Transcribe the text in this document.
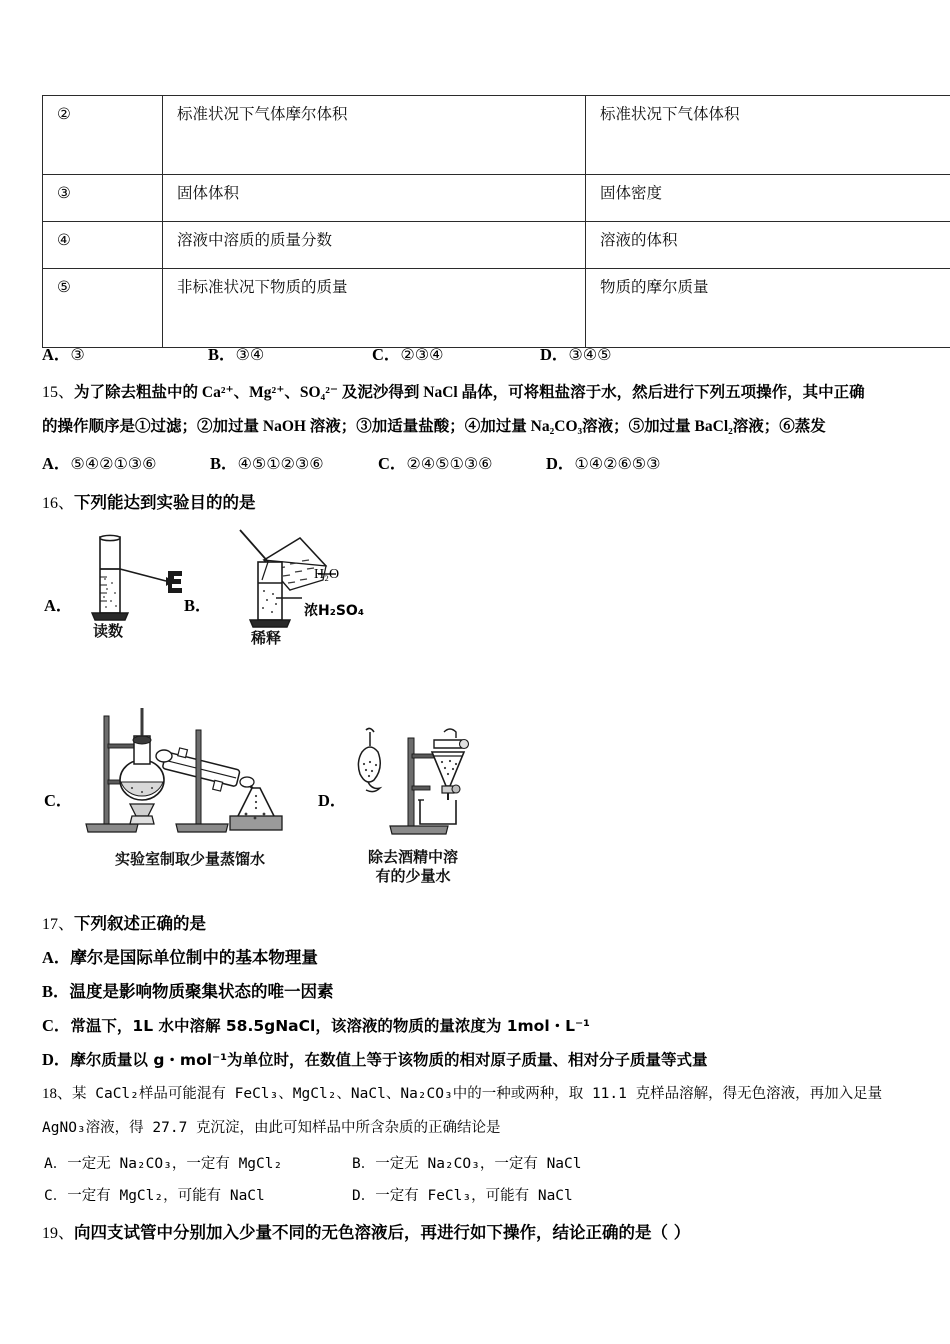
②	标准状况下气体摩尔体积	标准状况下气体体积
③	固体体积	固体密度
④	溶液中溶质的质量分数	溶液的体积
⑤	非标准状况下物质的质量	物质的摩尔质量
A．③	B．③④	C．②③④	D．③④⑤
15、为了除去粗盐中的 Ca²⁺、Mg²⁺、SO₄²⁻ 及泥沙得到 NaCl 晶体，可将粗盐溶于水，然后进行下列五项操作，其中正确
的操作顺序是①过滤；②加过量 NaOH 溶液；③加适量盐酸；④加过量 Na₂CO₃溶液；⑤加过量 BaCl₂溶液；⑥蒸发
A．⑤④②①③⑥	B．④⑤①②③⑥	C．②④⑤①③⑥	D．①④②⑥⑤③
16、下列能达到实验目的的是
A．
读数
B．
H₂O
浓H₂SO₄
稀释
C．
实验室制取少量蒸馏水
D．
除去酒精中溶
有的少量水
17、下列叙述正确的是
A．摩尔是国际单位制中的基本物理量
B．温度是影响物质聚集状态的唯一因素
C．常温下，1L 水中溶解 58.5gNaCl，该溶液的物质的量浓度为 1mol・L⁻¹
D．摩尔质量以 g・mol⁻¹为单位时，在数值上等于该物质的相对原子质量、相对分子质量等式量
18、某 CaCl₂样品可能混有 FeCl₃、MgCl₂、NaCl、Na₂CO₃中的一种或两种，取 11.1 克样品溶解，得无色溶液，再加入足量
AgNO₃溶液，得 27.7 克沉淀，由此可知样品中所含杂质的正确结论是
A．一定无 Na₂CO₃，一定有 MgCl₂	B．一定无 Na₂CO₃，一定有 NaCl
C．一定有 MgCl₂，可能有 NaCl	D．一定有 FeCl₃，可能有 NaCl
19、向四支试管中分别加入少量不同的无色溶液后，再进行如下操作，结论正确的是（ ）
